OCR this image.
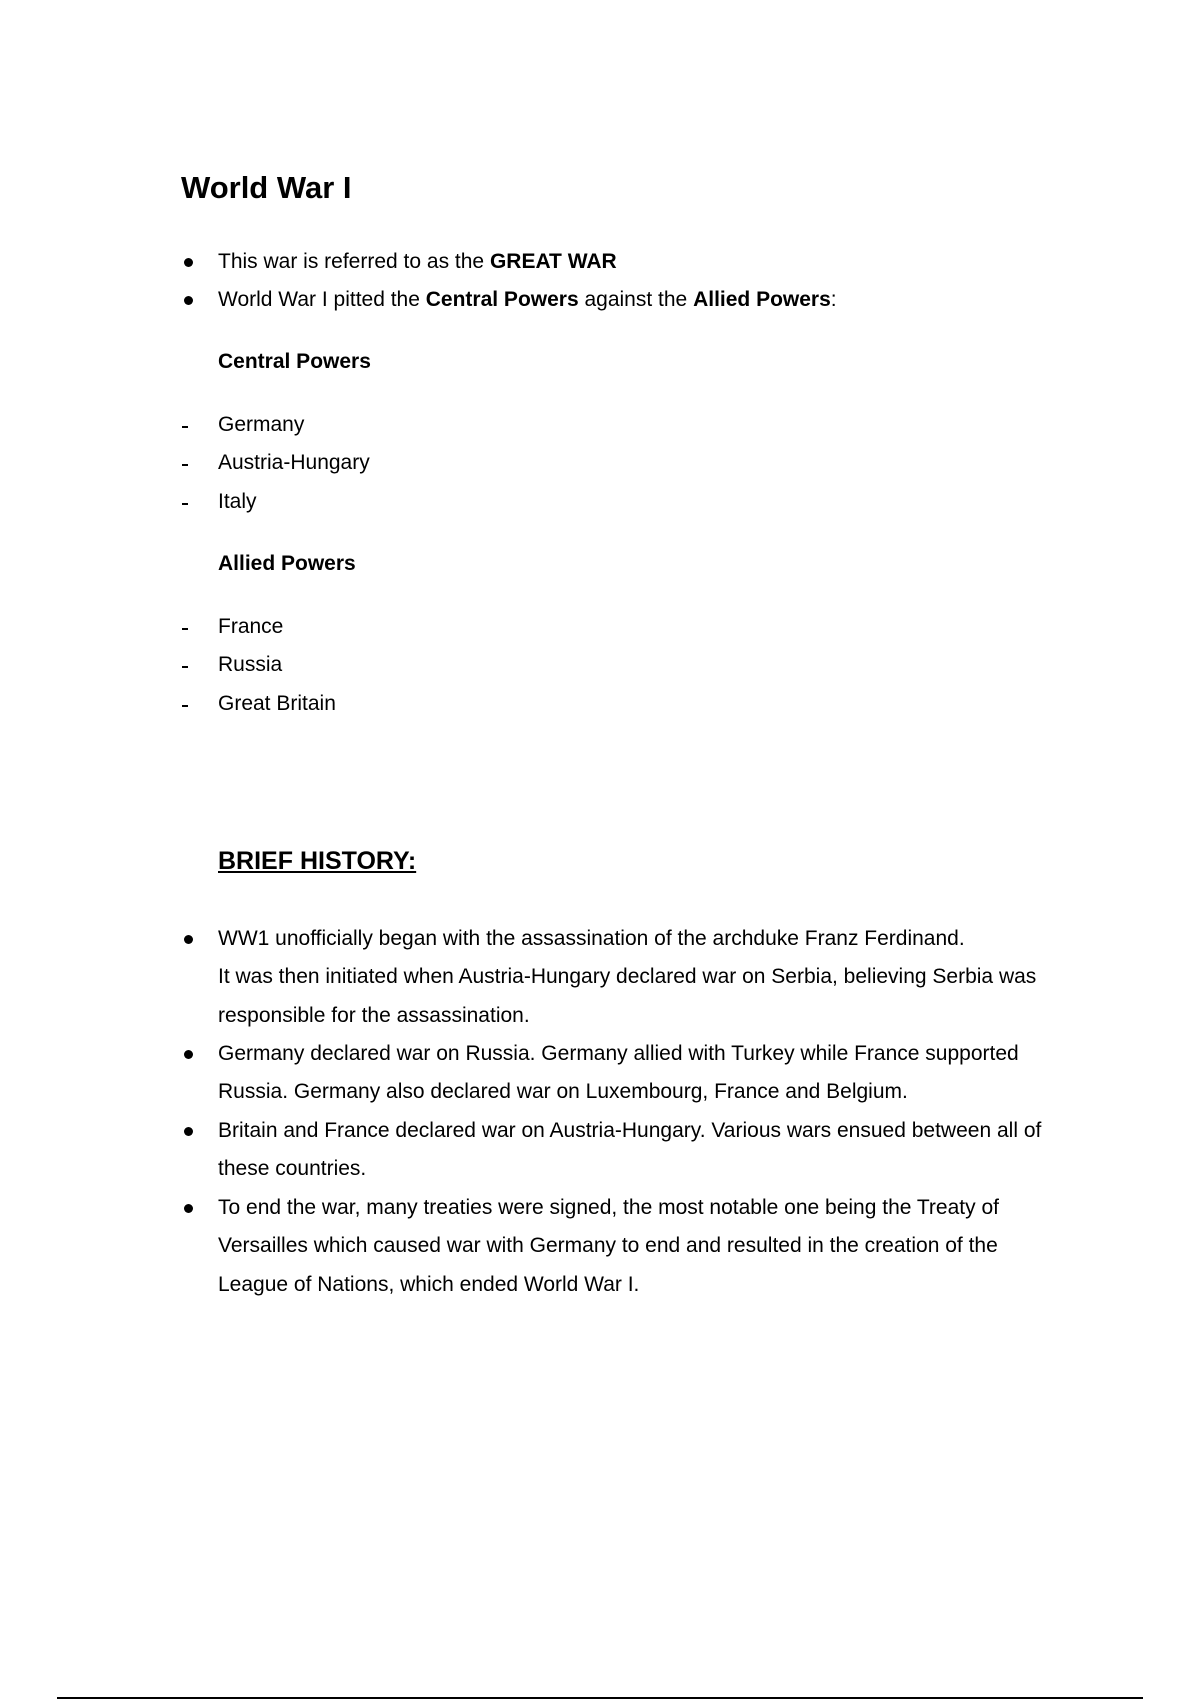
World War I
This war is referred to as the GREAT WAR
World War I pitted the Central Powers against the Allied Powers:
Central Powers
Germany
Austria-Hungary
Italy
Allied Powers
France
Russia
Great Britain
BRIEF HISTORY:
WW1 unofficially began with the assassination of the archduke Franz Ferdinand.
It was then initiated when Austria-Hungary declared war on Serbia, believing Serbia was
responsible for the assassination.
Germany declared war on Russia. Germany allied with Turkey while France supported
Russia. Germany also declared war on Luxembourg, France and Belgium.
Britain and France declared war on Austria-Hungary. Various wars ensued between all of
these countries.
To end the war, many treaties were signed, the most notable one being the Treaty of
Versailles which caused war with Germany to end and resulted in the creation of the
League of Nations, which ended World War I.
